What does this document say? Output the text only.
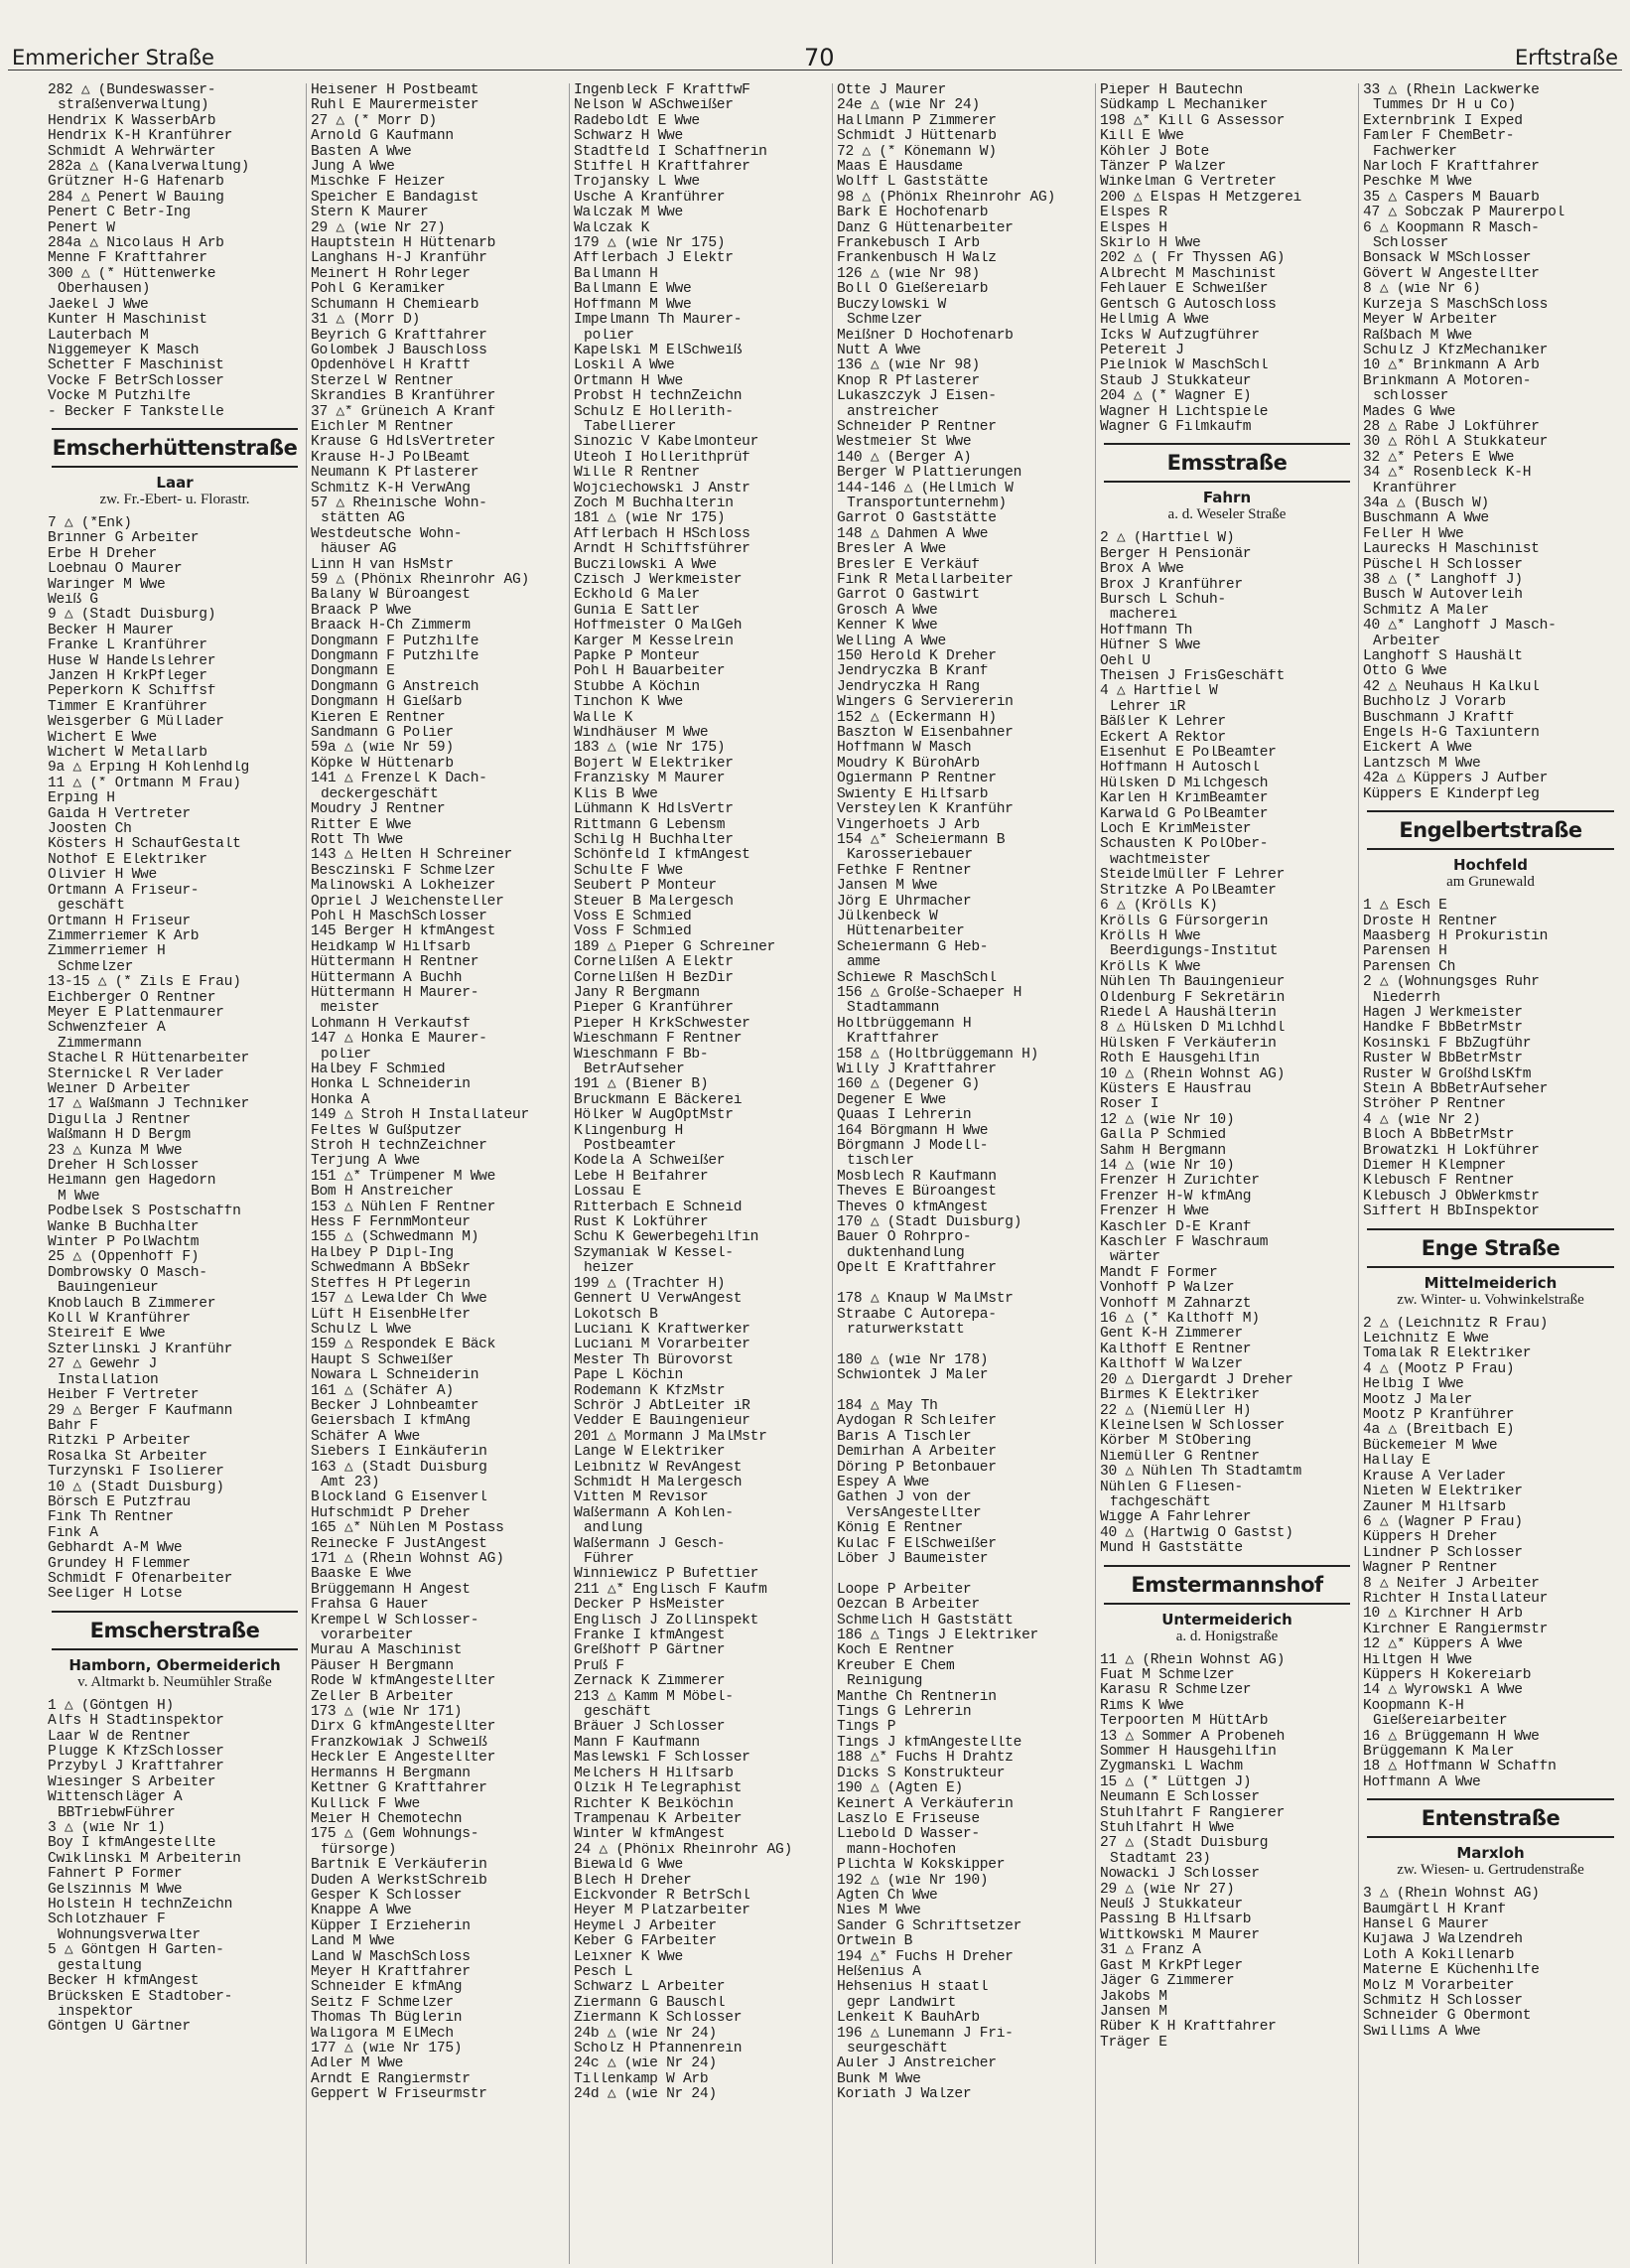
Emmericher Straße	70	Erftstraße
282 △ (Bundeswasser-
straßenverwaltung)
Hendrix K WasserbArb
Hendrix K-H Kranführer
Schmidt A Wehrwärter
282a △ (Kanalverwaltung)
Grützner H-G Hafenarb
284 △ Penert W Bauing
Penert C Betr-Ing
Penert W
284a △ Nicolaus H Arb
Menne F Kraftfahrer
300 △ (* Hüttenwerke
Oberhausen)
Jaekel J Wwe
Kunter H Maschinist
Lauterbach M
Niggemeyer K Masch
Schetter F Maschinist
Vocke F BetrSchlosser
Vocke M Putzhilfe
- Becker F Tankstelle
Emscherhüttenstraße
Laar
zw. Fr.-Ebert- u. Florastr.
7 △ (*Enk)
Brinner G Arbeiter
Erbe H Dreher
Loebnau O Maurer
Waringer M Wwe
Weiß G
9 △ (Stadt Duisburg)
Becker H Maurer
Franke L Kranführer
Huse W Handelslehrer
Janzen H KrkPfleger
Peperkorn K Schiffsf
Timmer E Kranführer
Weisgerber G Müllader
Wichert E Wwe
Wichert W Metallarb
9a △ Erping H Kohlenhdlg
11 △ (* Ortmann M Frau)
Erping H
Gaida H Vertreter
Joosten Ch
Kösters H SchaufGestalt
Nothof E Elektriker
Olivier H Wwe
Ortmann A Friseur-
geschäft
Ortmann H Friseur
Zimmerriemer K Arb
Zimmerriemer H
Schmelzer
13-15 △ (* Zils E Frau)
Eichberger O Rentner
Meyer E Plattenmaurer
Schwenzfeier A
Zimmermann
Stachel R Hüttenarbeiter
Sternickel R Verlader
Weiner D Arbeiter
17 △ Waßmann J Techniker
Digulla J Rentner
Waßmann H D Bergm
23 △ Kunza M Wwe
Dreher H Schlosser
Heimann gen Hagedorn
M Wwe
Podbelsek S Postschaffn
Wanke B Buchhalter
Winter P PolWachtm
25 △ (Oppenhoff F)
Dombrowsky O Masch-
Bauingenieur
Knoblauch B Zimmerer
Koll W Kranführer
Steireif E Wwe
Szterlinski J Kranführ
27 △ Gewehr J
Installation
Heiber F Vertreter
29 △ Berger F Kaufmann
Bahr F
Ritzki P Arbeiter
Rosalka St Arbeiter
Turzynski F Isolierer
10 △ (Stadt Duisburg)
Börsch E Putzfrau
Fink Th Rentner
Fink A
Gebhardt A-M Wwe
Grundey H Flemmer
Schmidt F Ofenarbeiter
Seeliger H Lotse
Emscherstraße
Hamborn, Obermeiderich
v. Altmarkt b. Neumühler Straße
1 △ (Göntgen H)
Alfs H Stadtinspektor
Laar W de Rentner
Plugge K KfzSchlosser
Przybyl J Kraftfahrer
Wiesinger S Arbeiter
Wittenschläger A
BBTriebwFührer
3 △ (wie Nr 1)
Boy I kfmAngestellte
Cwiklinski M Arbeiterin
Fahnert P Former
Gelszinnis M Wwe
Holstein H technZeichn
Schlotzhauer F
Wohnungsverwalter
5 △ Göntgen H Garten-
gestaltung
Becker H kfmAngest
Brücksken E Stadtober-
inspektor
Göntgen U Gärtner
Heisener H Postbeamt
Ruhl E Maurermeister
27 △ (* Morr D)
Arnold G Kaufmann
Basten A Wwe
Jung A Wwe
Mischke F Heizer
Speicher E Bandagist
Stern K Maurer
29 △ (wie Nr 27)
Hauptstein H Hüttenarb
Langhans H-J Kranführ
Meinert H Rohrleger
Pohl G Keramiker
Schumann H Chemiearb
31 △ (Morr D)
Beyrich G Kraftfahrer
Golombek J Bauschloss
Opdenhövel H Kraftf
Sterzel W Rentner
Skrandies B Kranführer
37 △* Grüneich A Kranf
Eichler M Rentner
Krause G HdlsVertreter
Krause H-J PolBeamt
Neumann K Pflasterer
Schmitz K-H VerwAng
57 △ Rheinische Wohn-
stätten AG
Westdeutsche Wohn-
häuser AG
Linn H van HsMstr
59 △ (Phönix Rheinrohr AG)
Balany W Büroangest
Braack P Wwe
Braack H-Ch Zimmerm
Dongmann F Putzhilfe
Dongmann F Putzhilfe
Dongmann E
Dongmann G Anstreich
Dongmann H Gießarb
Kieren E Rentner
Sandmann G Polier
59a △ (wie Nr 59)
Köpke W Hüttenarb
141 △ Frenzel K Dach-
deckergeschäft
Moudry J Rentner
Ritter E Wwe
Rott Th Wwe
143 △ Helten H Schreiner
Besczinski F Schmelzer
Malinowski A Lokheizer
Opriel J Weichensteller
Pohl H MaschSchlosser
145 Berger H kfmAngest
Heidkamp W Hilfsarb
Hüttermann H Rentner
Hüttermann A Buchh
Hüttermann H Maurer-
meister
Lohmann H Verkaufsf
147 △ Honka E Maurer-
polier
Halbey F Schmied
Honka L Schneiderin
Honka A
149 △ Stroh H Installateur
Feltes W Gußputzer
Stroh H technZeichner
Terjung A Wwe
151 △* Trümpener M Wwe
Bom H Anstreicher
153 △ Nühlen F Rentner
Hess F FernmMonteur
155 △ (Schwedmann M)
Halbey P Dipl-Ing
Schwedmann A BbSekr
Steffes H Pflegerin
157 △ Lewalder Ch Wwe
Lüft H EisenbHelfer
Schulz L Wwe
159 △ Respondek E Bäck
Haupt S Schweißer
Nowara L Schneiderin
161 △ (Schäfer A)
Becker J Lohnbeamter
Geiersbach I kfmAng
Schäfer A Wwe
Siebers I Einkäuferin
163 △ (Stadt Duisburg
Amt 23)
Blockland G Eisenverl
Hufschmidt P Dreher
165 △* Nühlen M Postass
Reinecke F JustAngest
171 △ (Rhein Wohnst AG)
Baaske E Wwe
Brüggemann H Angest
Frahsa G Hauer
Krempel W Schlosser-
vorarbeiter
Murau A Maschinist
Päuser H Bergmann
Rode W kfmAngestellter
Zeller B Arbeiter
173 △ (wie Nr 171)
Dirx G kfmAngestellter
Franzkowiak J Schweiß
Heckler E Angestellter
Hermanns H Bergmann
Kettner G Kraftfahrer
Kullick F Wwe
Meier H Chemotechn
175 △ (Gem Wohnungs-
fürsorge)
Bartnik E Verkäuferin
Duden A WerkstSchreib
Gesper K Schlosser
Knappe A Wwe
Küpper I Erzieherin
Land M Wwe
Land W MaschSchloss
Meyer H Kraftfahrer
Schneider E kfmAng
Seitz F Schmelzer
Thomas Th Büglerin
Waligora M ElMech
177 △ (wie Nr 175)
Adler M Wwe
Arndt E Rangiermstr
Geppert W Friseurmstr
Ingenbleck F KraftfwF
Nelson W ASchweißer
Radeboldt E Wwe
Schwarz H Wwe
Stadtfeld I Schaffnerin
Stiffel H Kraftfahrer
Trojansky L Wwe
Usche A Kranführer
Walczak M Wwe
Walczak K
179 △ (wie Nr 175)
Afflerbach J Elektr
Ballmann H
Ballmann E Wwe
Hoffmann M Wwe
Impelmann Th Maurer-
polier
Kapelski M ElSchweiß
Loskil A Wwe
Ortmann H Wwe
Probst H technZeichn
Schulz E Hollerith-
Tabellierer
Sinozic V Kabelmonteur
Uteoh I Hollerithprüf
Wille R Rentner
Wojciechowski J Anstr
Zoch M Buchhalterin
181 △ (wie Nr 175)
Afflerbach H HSchloss
Arndt H Schiffsführer
Buczilowski A Wwe
Czisch J Werkmeister
Eckhold G Maler
Gunia E Sattler
Hoffmeister O MalGeh
Karger M Kesselrein
Papke P Monteur
Pohl H Bauarbeiter
Stubbe A Köchin
Tinchon K Wwe
Walle K
Windhäuser M Wwe
183 △ (wie Nr 175)
Bojert W Elektriker
Franzisky M Maurer
Klis B Wwe
Lühmann K HdlsVertr
Rittmann G Lebensm
Schilg H Buchhalter
Schönfeld I kfmAngest
Schulte F Wwe
Seubert P Monteur
Steuer B Malergesch
Voss E Schmied
Voss F Schmied
189 △ Pieper G Schreiner
Cornelißen A Elektr
Cornelißen H BezDir
Jany R Bergmann
Pieper G Kranführer
Pieper H KrkSchwester
Wieschmann F Rentner
Wieschmann F Bb-
BetrAufseher
191 △ (Biener B)
Bruckmann E Bäckerei
Hölker W AugOptMstr
Klingenburg H
Postbeamter
Kodela A Schweißer
Lebe H Beifahrer
Lossau E
Ritterbach E Schneid
Rust K Lokführer
Schu K Gewerbegehilfin
Szymaniak W Kessel-
heizer
199 △ (Trachter H)
Gennert U VerwAngest
Lokotsch B
Luciani K Kraftwerker
Luciani M Vorarbeiter
Mester Th Bürovorst
Pape L Köchin
Rodemann K KfzMstr
Schrör J AbtLeiter iR
Vedder E Bauingenieur
201 △ Mormann J MalMstr
Lange W Elektriker
Leibnitz W RevAngest
Schmidt H Malergesch
Vitten M Revisor
Waßermann A Kohlen-
andlung
Waßermann J Gesch-
Führer
Winniewicz P Bufettier
211 △* Englisch F Kaufm
Decker P HsMeister
Englisch J Zollinspekt
Franke I kfmAngest
Greßhoff P Gärtner
Pruß F
Zernack K Zimmerer
213 △ Kamm M Möbel-
geschäft
Bräuer J Schlosser
Mann F Kaufmann
Maslewski F Schlosser
Melchers H Hilfsarb
Olzik H Telegraphist
Richter K Beiköchin
Trampenau K Arbeiter
Winter W kfmAngest
24 △ (Phönix Rheinrohr AG)
Biewald G Wwe
Blech H Dreher
Eickvonder R BetrSchl
Heyer M Platzarbeiter
Heymel J Arbeiter
Keber G FArbeiter
Leixner K Wwe
Pesch L
Schwarz L Arbeiter
Ziermann G Bauschl
Ziermann K Schlosser
24b △ (wie Nr 24)
Scholz H Pfannenrein
24c △ (wie Nr 24)
Tillenkamp W Arb
24d △ (wie Nr 24)
Otte J Maurer
24e △ (wie Nr 24)
Hallmann P Zimmerer
Schmidt J Hüttenarb
72 △ (* Könemann W)
Maas E Hausdame
Wolff L Gaststätte
98 △ (Phönix Rheinrohr AG)
Bark E Hochofenarb
Danz G Hüttenarbeiter
Frankebusch I Arb
Frankenbusch H Walz
126 △ (wie Nr 98)
Boll O Gießereiarb
Buczylowski W
Schmelzer
Meißner D Hochofenarb
Nutt A Wwe
136 △ (wie Nr 98)
Knop R Pflasterer
Lukaszczyk J Eisen-
anstreicher
Schneider P Rentner
Westmeier St Wwe
140 △ (Berger A)
Berger W Plattierungen
144-146 △ (Hellmich W
Transportunternehm)
Garrot O Gaststätte
148 △ Dahmen A Wwe
Bresler A Wwe
Bresler E Verkäuf
Fink R Metallarbeiter
Garrot O Gastwirt
Grosch A Wwe
Kenner K Wwe
Welling A Wwe
150 Herold K Dreher
Jendryczka B Kranf
Jendryczka H Rang
Wingers G Serviererin
152 △ (Eckermann H)
Baszton W Eisenbahner
Hoffmann W Masch
Moudry K BürohArb
Ogiermann P Rentner
Swienty E Hilfsarb
Versteylen K Kranführ
Vingerhoets J Arb
154 △* Scheiermann B
Karosseriebauer
Fethke F Rentner
Jansen M Wwe
Jörg E Uhrmacher
Jülkenbeck W
Hüttenarbeiter
Scheiermann G Heb-
amme
Schiewe R MaschSchl
156 △ Große-Schaeper H
Stadtammann
Holtbrüggemann H
Kraftfahrer
158 △ (Holtbrüggemann H)
Willy J Kraftfahrer
160 △ (Degener G)
Degener E Wwe
Quaas I Lehrerin
164 Börgmann H Wwe
Börgmann J Modell-
tischler
Mosblech R Kaufmann
Theves E Büroangest
Theves O kfmAngest
170 △ (Stadt Duisburg)
Bauer O Rohrpro-
duktenhandlung
Opelt E Kraftfahrer

178 △ Knaup W MalMstr
Straabe C Autorepa-
raturwerkstatt

180 △ (wie Nr 178)
Schwiontek J Maler

184 △ May Th
Aydogan R Schleifer
Baris A Tischler
Demirhan A Arbeiter
Döring P Betonbauer
Espey A Wwe
Gathen J von der
VersAngestellter
König E Rentner
Kulac F ElSchweißer
Löber J Baumeister

Loope P Arbeiter
Oezcan B Arbeiter
Schmelich H Gaststätt
186 △ Tings J Elektriker
Koch E Rentner
Kreuber E Chem
Reinigung
Manthe Ch Rentnerin
Tings G Lehrerin
Tings P
Tings J kfmAngestellte
188 △* Fuchs H Drahtz
Dicks S Konstrukteur
190 △ (Agten E)
Keinert A Verkäuferin
Laszlo E Friseuse
Liebold D Wasser-
mann-Hochofen
Plichta W Kokskipper
192 △ (wie Nr 190)
Agten Ch Wwe
Nies M Wwe
Sander G Schriftsetzer
Ortwein B
194 △* Fuchs H Dreher
Heßenius A
Hehsenius H staatl
gepr Landwirt
Lenkeit K BauhArb
196 △ Lunemann J Fri-
seurgeschäft
Auler J Anstreicher
Bunk M Wwe
Koriath J Walzer
Pieper H Bautechn
Südkamp L Mechaniker
198 △* Kill G Assessor
Kill E Wwe
Köhler J Bote
Tänzer P Walzer
Winkelman G Vertreter
200 △ Elspas H Metzgerei
Elspes R
Elspes H
Skirlo H Wwe
202 △ ( Fr Thyssen AG)
Albrecht M Maschinist
Fehlauer E Schweißer
Gentsch G Autoschloss
Hellmig A Wwe
Icks W Aufzugführer
Petereit J
Pielniok W MaschSchl
Staub J Stukkateur
204 △ (* Wagner E)
Wagner H Lichtspiele
Wagner G Filmkaufm
Emsstraße
Fahrn
a. d. Weseler Straße
2 △ (Hartfiel W)
Berger H Pensionär
Brox A Wwe
Brox J Kranführer
Bursch L Schuh-
macherei
Hoffmann Th
Hüfner S Wwe
Oehl U
Theisen J FrisGeschäft
4 △ Hartfiel W
Lehrer iR
Bäßler K Lehrer
Eckert A Rektor
Eisenhut E PolBeamter
Hoffmann H Autoschl
Hülsken D Milchgesch
Karlen H KrimBeamter
Karwald G PolBeamter
Loch E KrimMeister
Schausten K PolOber-
wachtmeister
Steidelmüller F Lehrer
Stritzke A PolBeamter
6 △ (Krölls K)
Krölls G Fürsorgerin
Krölls H Wwe
Beerdigungs-Institut
Krölls K Wwe
Nühlen Th Bauingenieur
Oldenburg F Sekretärin
Riedel A Haushälterin
8 △ Hülsken D Milchhdl
Hülsken F Verkäuferin
Roth E Hausgehilfin
10 △ (Rhein Wohnst AG)
Küsters E Hausfrau
Roser I
12 △ (wie Nr 10)
Galla P Schmied
Sahm H Bergmann
14 △ (wie Nr 10)
Frenzer H Zurichter
Frenzer H-W kfmAng
Frenzer H Wwe
Kaschler D-E Kranf
Kaschler F Waschraum
wärter
Mandt F Former
Vonhoff P Walzer
Vonhoff M Zahnarzt
16 △ (* Kalthoff M)
Gent K-H Zimmerer
Kalthoff E Rentner
Kalthoff W Walzer
20 △ Diergardt J Dreher
Birmes K Elektriker
22 △ (Niemüller H)
Kleinelsen W Schlosser
Körber M StObering
Niemüller G Rentner
30 △ Nühlen Th Stadtamtm
Nühlen G Fliesen-
fachgeschäft
Wigge A Fahrlehrer
40 △ (Hartwig O Gastst)
Mund H Gaststätte
Emstermannshof
Untermeiderich
a. d. Honigstraße
11 △ (Rhein Wohnst AG)
Fuat M Schmelzer
Karasu R Schmelzer
Rims K Wwe
Terpoorten M HüttArb
13 △ Sommer A Probeneh
Sommer H Hausgehilfin
Zygmanski L Wachm
15 △ (* Lüttgen J)
Neumann E Schlosser
Stuhlfahrt F Rangierer
Stuhlfahrt H Wwe
27 △ (Stadt Duisburg
Stadtamt 23)
Nowacki J Schlosser
29 △ (wie Nr 27)
Neuß J Stukkateur
Passing B Hilfsarb
Wittkowski M Maurer
31 △ Franz A
Gast M KrkPfleger
Jäger G Zimmerer
Jakobs M
Jansen M
Rüber K H Kraftfahrer
Träger E
33 △ (Rhein Lackwerke
Tummes Dr H u Co)
Externbrink I Exped
Famler F ChemBetr-
Fachwerker
Narloch F Kraftfahrer
Peschke M Wwe
35 △ Caspers M Bauarb
47 △ Sobczak P Maurerpol
6 △ Koopmann R Masch-
Schlosser
Bonsack W MSchlosser
Gövert W Angestellter
8 △ (wie Nr 6)
Kurzeja S MaschSchloss
Meyer W Arbeiter
Raßbach M Wwe
Schulz J KfzMechaniker
10 △* Brinkmann A Arb
Brinkmann A Motoren-
schlosser
Mades G Wwe
28 △ Rabe J Lokführer
30 △ Röhl A Stukkateur
32 △* Peters E Wwe
34 △* Rosenbleck K-H
Kranführer
34a △ (Busch W)
Buschmann A Wwe
Feller H Wwe
Laurecks H Maschinist
Püschel H Schlosser
38 △ (* Langhoff J)
Busch W Autoverleih
Schmitz A Maler
40 △* Langhoff J Masch-
Arbeiter
Langhoff S Haushält
Otto G Wwe
42 △ Neuhaus H Kalkul
Buchholz J Vorarb
Buschmann J Kraftf
Engels H-G Taxiuntern
Eickert A Wwe
Lantzsch M Wwe
42a △ Küppers J Aufber
Küppers E Kinderpfleg
Engelbertstraße
Hochfeld
am Grunewald
1 △ Esch E
Droste H Rentner
Maasberg H Prokuristin
Parensen H
Parensen Ch
2 △ (Wohnungsges Ruhr
Niederrh
Hagen J Werkmeister
Handke F BbBetrMstr
Kosinski F BbZugführ
Ruster W BbBetrMstr
Ruster W GroßhdlsKfm
Stein A BbBetrAufseher
Ströher P Rentner
4 △ (wie Nr 2)
Bloch A BbBetrMstr
Browatzki H Lokführer
Diemer H Klempner
Klebusch F Rentner
Klebusch J ObWerkmstr
Siffert H BbInspektor
Enge Straße
Mittelmeiderich
zw. Winter- u. Vohwinkelstraße
2 △ (Leichnitz R Frau)
Leichnitz E Wwe
Tomalak R Elektriker
4 △ (Mootz P Frau)
Helbig I Wwe
Mootz J Maler
Mootz P Kranführer
4a △ (Breitbach E)
Bückemeier M Wwe
Hallay E
Krause A Verlader
Nieten W Elektriker
Zauner M Hilfsarb
6 △ (Wagner P Frau)
Küppers H Dreher
Lindner P Schlosser
Wagner P Rentner
8 △ Neifer J Arbeiter
Richter H Installateur
10 △ Kirchner H Arb
Kirchner E Rangiermstr
12 △* Küppers A Wwe
Hiltgen H Wwe
Küppers H Kokereiarb
14 △ Wyrowski A Wwe
Koopmann K-H
Gießereiarbeiter
16 △ Brüggemann H Wwe
Brüggemann K Maler
18 △ Hoffmann W Schaffn
Hoffmann A Wwe
Entenstraße
Marxloh
zw. Wiesen- u. Gertrudenstraße
3 △ (Rhein Wohnst AG)
Baumgärtl H Kranf
Hansel G Maurer
Kujawa J Walzendreh
Loth A Kokillenarb
Materne E Küchenhilfe
Molz M Vorarbeiter
Schmitz H Schlosser
Schneider G Obermont
Swillims A Wwe
